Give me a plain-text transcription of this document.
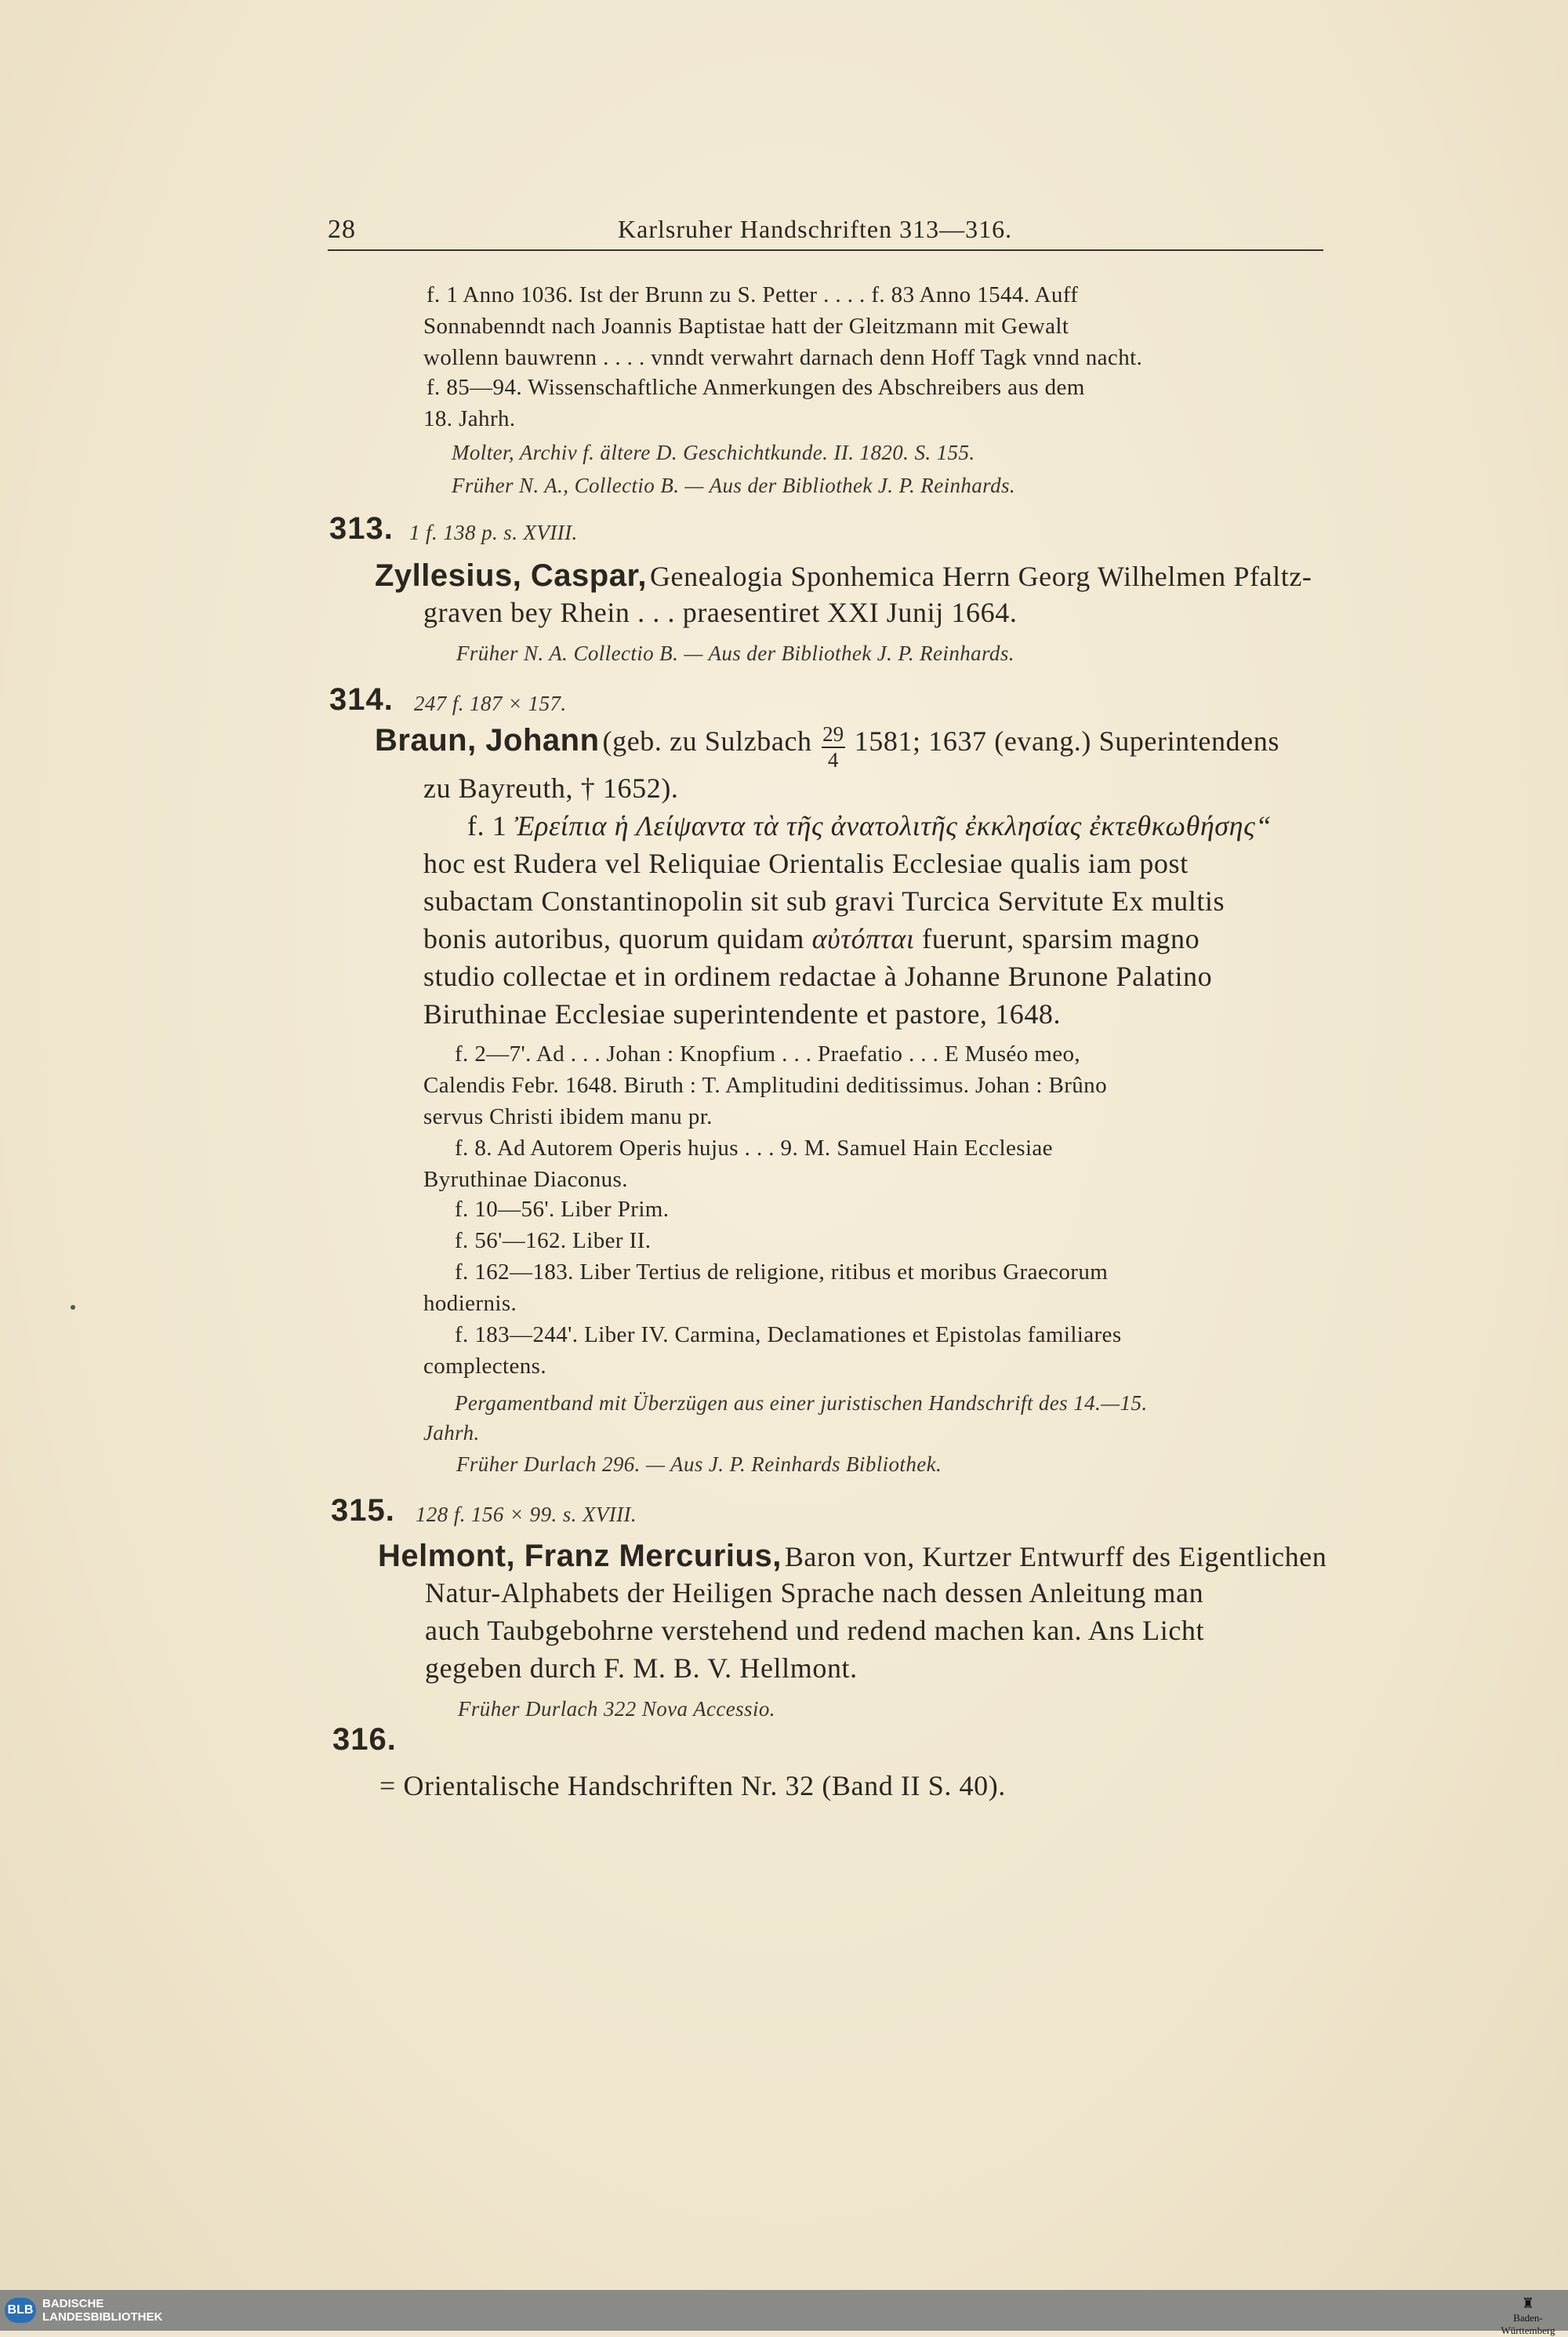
28	Karlsruher Handschriften 313—316.
f. 1 Anno 1036. Ist der Brunn zu S. Petter . . . . f. 83 Anno 1544. Auff
Sonnabenndt nach Joannis Baptistae hatt der Gleitzmann mit Gewalt
wollenn bauwrenn . . . . vnndt verwahrt darnach denn Hoff Tagk vnnd nacht.
f. 85—94. Wissenschaftliche Anmerkungen des Abschreibers aus dem
18. Jahrh.
Molter, Archiv f. ältere D. Geschichtkunde. II. 1820. S. 155.
Früher N. A., Collectio B. — Aus der Bibliothek J. P. Reinhards.
313. 1 f. 138 p. s. XVIII.
Zyllesius, Caspar, Genealogia Sponhemica Herrn Georg Wilhelmen Pfaltz-
graven bey Rhein . . . praesentiret XXI Junij 1664.
Früher N. A. Collectio B. — Aus der Bibliothek J. P. Reinhards.
314. 247 f. 187 × 157.
Braun, Johann (geb. zu Sulzbach $\frac{29}{4} 1581$; 1637 (evang.) Superintendens
zu Bayreuth, † 1652).
f. 1 Ἐρείπια ἡ Λείψαντα τὰ τῆς ἀνατολιτῆς ἐκκλησίας ἐκτεθκωθήσης“
hoc est Rudera vel Reliquiae Orientalis Ecclesiae qualis iam post
subactam Constantinopolin sit sub gravi Turcica Servitute Ex multis
bonis autoribus, quorum quidam αὐτόπται fuerunt, sparsim magno
studio collectae et in ordinem redactae à Johanne Brunone Palatino
Biruthinae Ecclesiae superintendente et pastore, 1648.
f. 2—7'. Ad . . . Johan : Knopfium . . . Praefatio . . . E Muséo meo,
Calendis Febr. 1648. Biruth : T. Amplitudini deditissimus. Johan : Brûno
servus Christi ibidem manu pr.
f. 8. Ad Autorem Operis hujus . . . 9. M. Samuel Hain Ecclesiae
Byruthinae Diaconus.
f. 10—56'. Liber Prim.
f. 56'—162. Liber II.
f. 162—183. Liber Tertius de religione, ritibus et moribus Graecorum
hodiernis.
f. 183—244'. Liber IV. Carmina, Declamationes et Epistolas familiares
complectens.
Pergamentband mit Überzügen aus einer juristischen Handschrift des 14.—15.
Jahrh.
Früher Durlach 296. — Aus J. P. Reinhards Bibliothek.
315. 128 f. 156 × 99. s. XVIII.
Helmont, Franz Mercurius, Baron von, Kurtzer Entwurff des Eigentlichen
Natur-Alphabets der Heiligen Sprache nach dessen Anleitung man
auch Taubgebohrne verstehend und redend machen kan. Ans Licht
gegeben durch F. M. B. V. Hellmont.
Früher Durlach 322 Nova Accessio.
316.
= Orientalische Handschriften Nr. 32 (Band II S. 40).
BLB BADISCHE
LANDESBIBLIOTHEK
♜
Baden-Württemberg
